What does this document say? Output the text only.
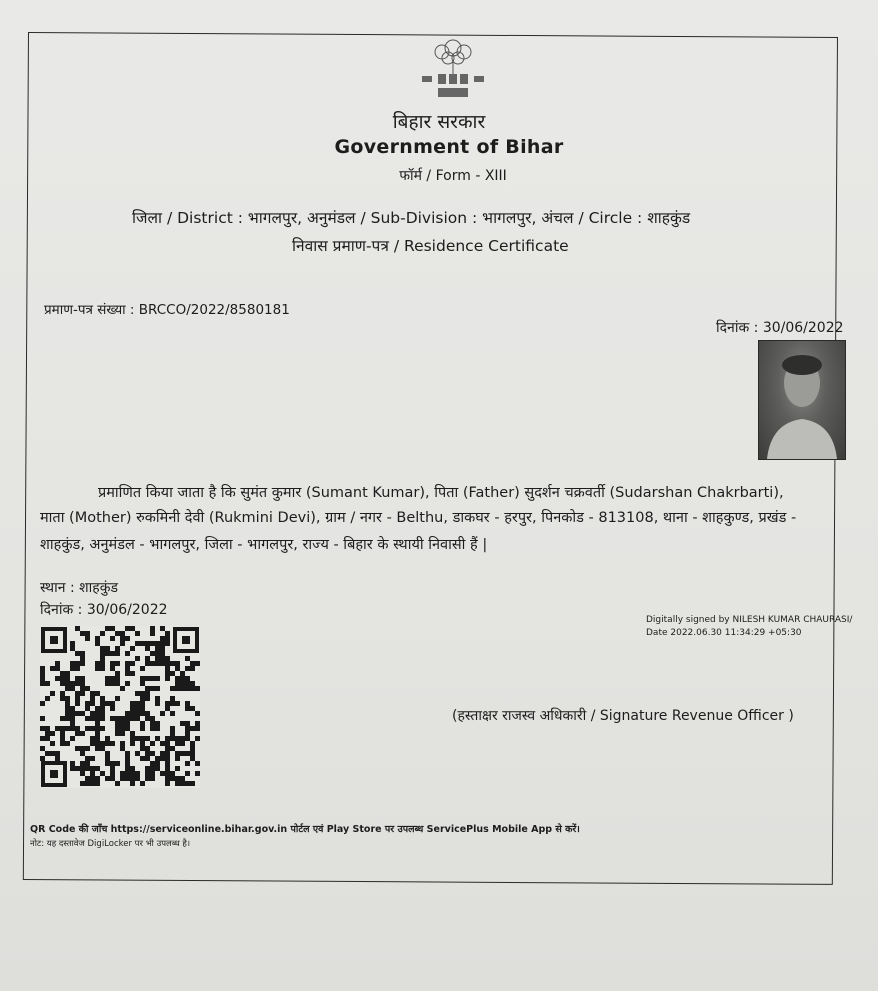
बिहार सरकार
Government of Bihar
फॉर्म / Form - XIII
जिला / District : भागलपुर, अनुमंडल / Sub-Division : भागलपुर, अंचल / Circle : शाहकुंड
निवास प्रमाण-पत्र / Residence Certificate
प्रमाण-पत्र संख्या : BRCCO/2022/8580181
दिनांक : 30/06/2022
प्रमाणित किया जाता है कि सुमंत कुमार (Sumant Kumar), पिता (Father) सुदर्शन चक्रवर्ती (Sudarshan Chakrbarti),
माता (Mother) रुकमिनी देवी (Rukmini Devi), ग्राम / नगर - Belthu, डाकघर - हरपुर, पिनकोड - 813108, थाना - शाहकुण्ड, प्रखंड -
शाहकुंड, अनुमंडल - भागलपुर, जिला - भागलपुर, राज्य - बिहार के स्थायी निवासी हैं |
स्थान : शाहकुंड
दिनांक : 30/06/2022
Digitally signed by NILESH KUMAR CHAURASI/
Date 2022.06.30 11:34:29 +05:30
(हस्ताक्षर राजस्व अधिकारी / Signature Revenue Officer )
QR Code की जाँच https://serviceonline.bihar.gov.in पोर्टल एवं Play Store पर उपलब्ध ServicePlus Mobile App से करें।
नोट: यह दस्तावेज DigiLocker पर भी उपलब्ध है।
